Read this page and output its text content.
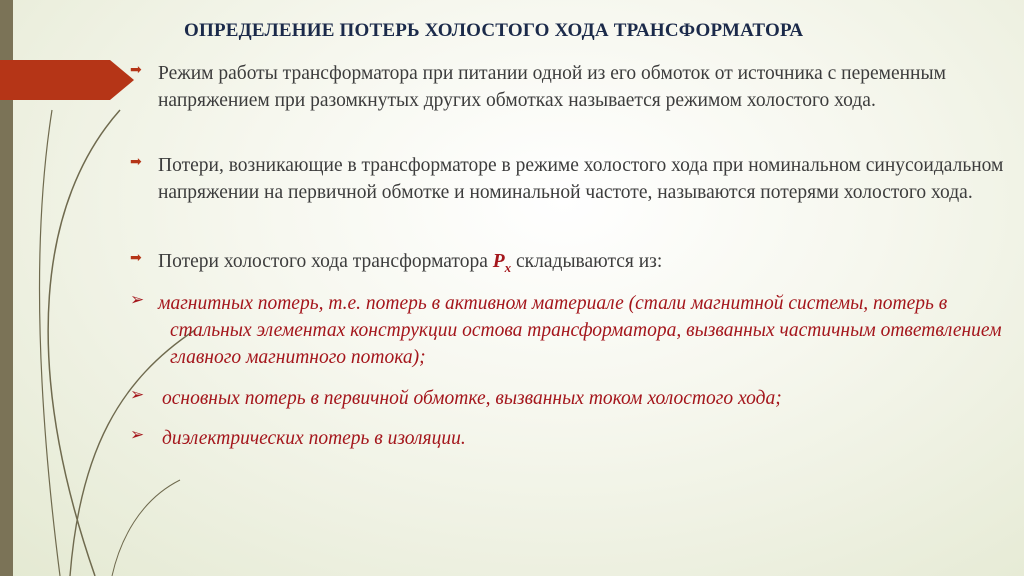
ОПРЕДЕЛЕНИЕ ПОТЕРЬ ХОЛОСТОГО ХОДА ТРАНСФОРМАТОРА
➡ Режим работы трансформатора при питании одной из его обмоток от источника с переменным напряжением при разомкнутых других обмотках называется режимом холостого хода.
➡ Потери, возникающие в трансформаторе в режиме холостого хода при номинальном синусоидальном напряжении на первичной обмотке и номинальной частоте, называются потерями холостого хода.
➡ Потери холостого хода трансформатора $P_x$ складываются из:
➢ магнитных потерь, т.е. потерь в активном материале (стали магнитной системы, потерь в стальных элементах конструкции остова трансформатора, вызванных частичным ответвлением главного магнитного потока);
➢ основных потерь в первичной обмотке, вызванных током холостого хода;
➢ диэлектрических потерь в изоляции.
